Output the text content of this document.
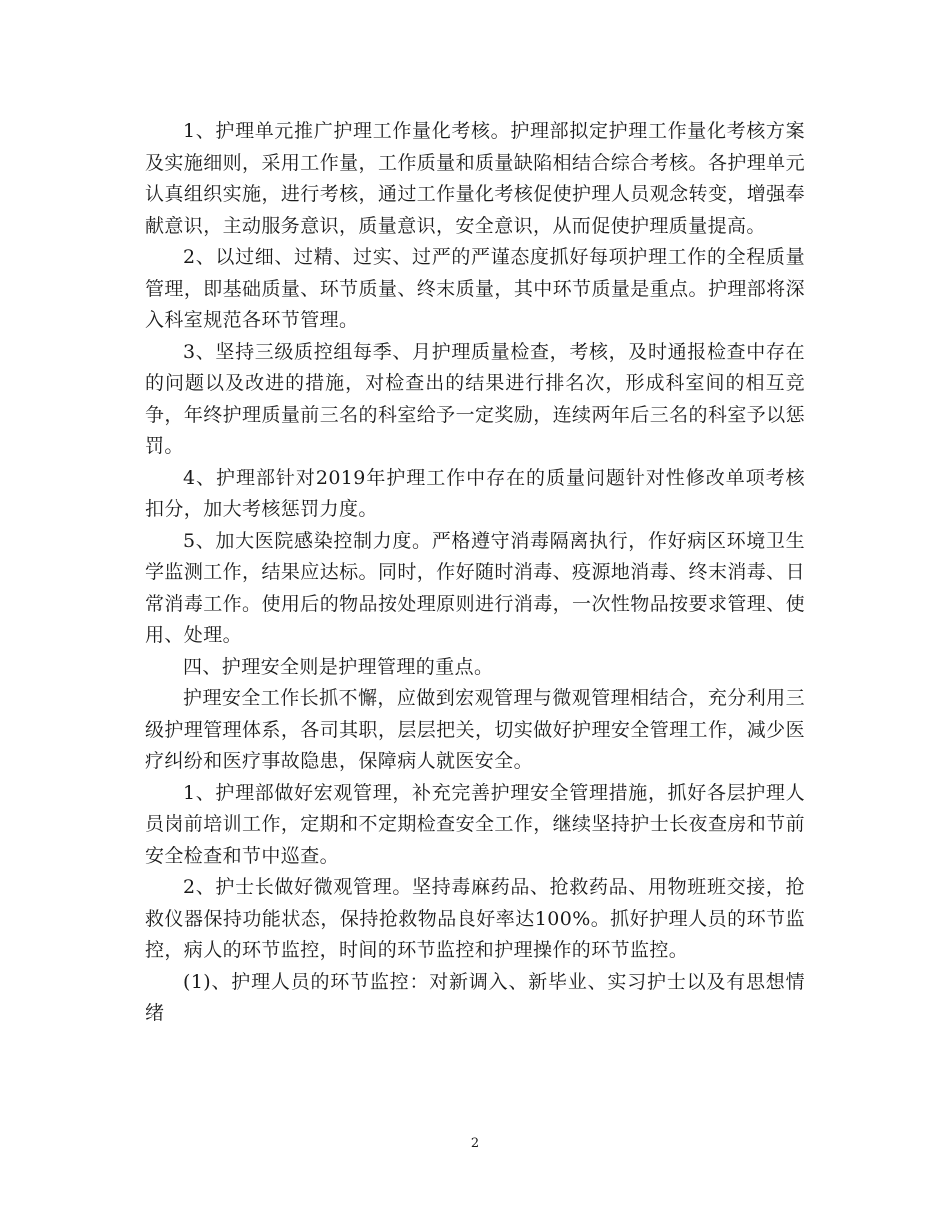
1、护理单元推广护理工作量化考核。护理部拟定护理工作量化考核方案及实施细则，采用工作量，工作质量和质量缺陷相结合综合考核。各护理单元认真组织实施，进行考核，通过工作量化考核促使护理人员观念转变，增强奉献意识，主动服务意识，质量意识，安全意识，从而促使护理质量提高。

2、以过细、过精、过实、过严的严谨态度抓好每项护理工作的全程质量管理，即基础质量、环节质量、终末质量，其中环节质量是重点。护理部将深入科室规范各环节管理。

3、坚持三级质控组每季、月护理质量检查，考核，及时通报检查中存在的问题以及改进的措施，对检查出的结果进行排名次，形成科室间的相互竞争，年终护理质量前三名的科室给予一定奖励，连续两年后三名的科室予以惩罚。

4、护理部针对2019年护理工作中存在的质量问题针对性修改单项考核扣分，加大考核惩罚力度。

5、加大医院感染控制力度。严格遵守消毒隔离执行，作好病区环境卫生学监测工作，结果应达标。同时，作好随时消毒、疫源地消毒、终末消毒、日常消毒工作。使用后的物品按处理原则进行消毒，一次性物品按要求管理、使用、处理。

四、护理安全则是护理管理的重点。

护理安全工作长抓不懈，应做到宏观管理与微观管理相结合，充分利用三级护理管理体系，各司其职，层层把关，切实做好护理安全管理工作，减少医疗纠纷和医疗事故隐患，保障病人就医安全。

1、护理部做好宏观管理，补充完善护理安全管理措施，抓好各层护理人员岗前培训工作，定期和不定期检查安全工作，继续坚持护士长夜查房和节前安全检查和节中巡查。

2、护士长做好微观管理。坚持毒麻药品、抢救药品、用物班班交接，抢救仪器保持功能状态，保持抢救物品良好率达100%。抓好护理人员的环节监控，病人的环节监控，时间的环节监控和护理操作的环节监控。

(1)、护理人员的环节监控：对新调入、新毕业、实习护士以及有思想情绪

2
